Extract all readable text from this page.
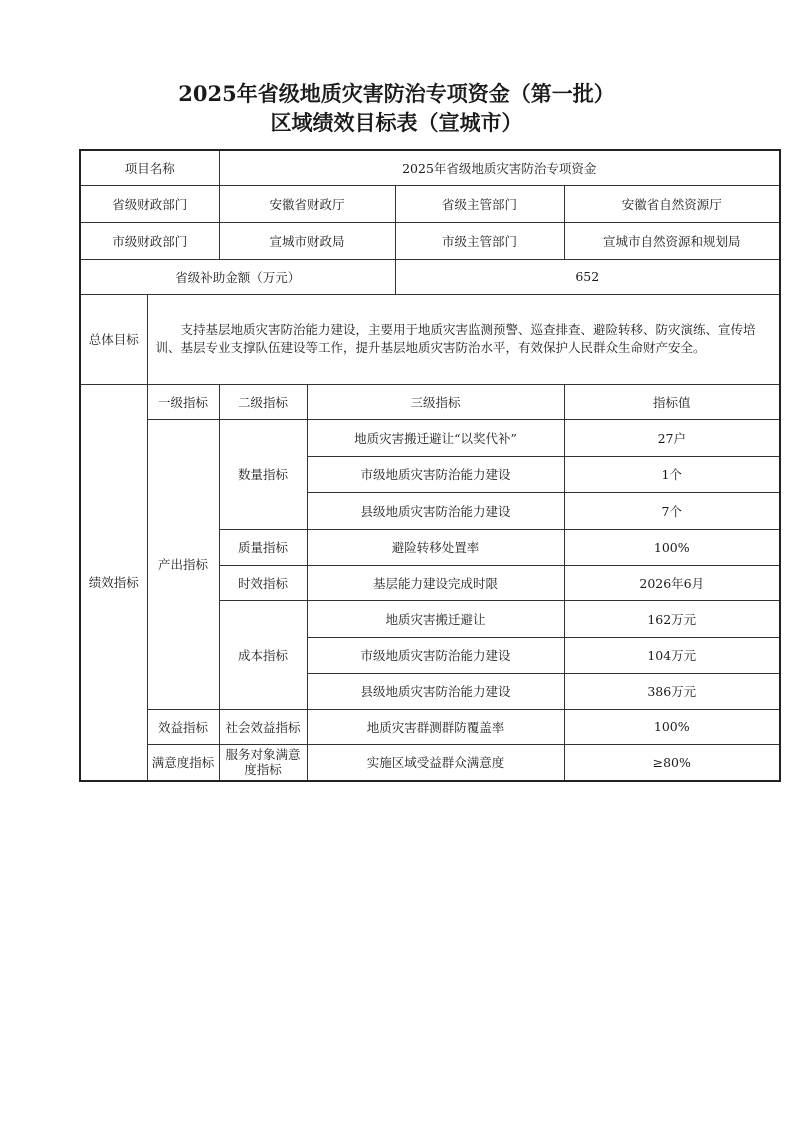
2025年省级地质灾害防治专项资金（第一批）
区域绩效目标表（宣城市）
项目名称		2025年省级地质灾害防治专项资金			
省级财政部门		安徽省财政厅		省级主管部门	安徽省自然资源厅
市级财政部门		宣城市财政局		市级主管部门	宣城市自然资源和规划局
省级补助金额（万元）				652	
总体目标	支持基层地质灾害防治能力建设，主要用于地质灾害监测预警、巡查排查、避险转移、防灾演练、宣传培训、基层专业支撑队伍建设等工作，提升基层地质灾害防治水平，有效保护人民群众生命财产安全。				

绩效指标	一级指标	二级指标	三级指标		指标值
	产出指标	数量指标	地质灾害搬迁避让“以奖代补”		27户
			市级地质灾害防治能力建设		1个
			县级地质灾害防治能力建设		7个
		质量指标	避险转移处置率		100%
		时效指标	基层能力建设完成时限		2026年6月
		成本指标	地质灾害搬迁避让		162万元
			市级地质灾害防治能力建设		104万元
			县级地质灾害防治能力建设		386万元
	效益指标	社会效益指标	地质灾害群测群防覆盖率		100%
	满意度指标	服务对象满意度指标	实施区域受益群众满意度		≥80%
